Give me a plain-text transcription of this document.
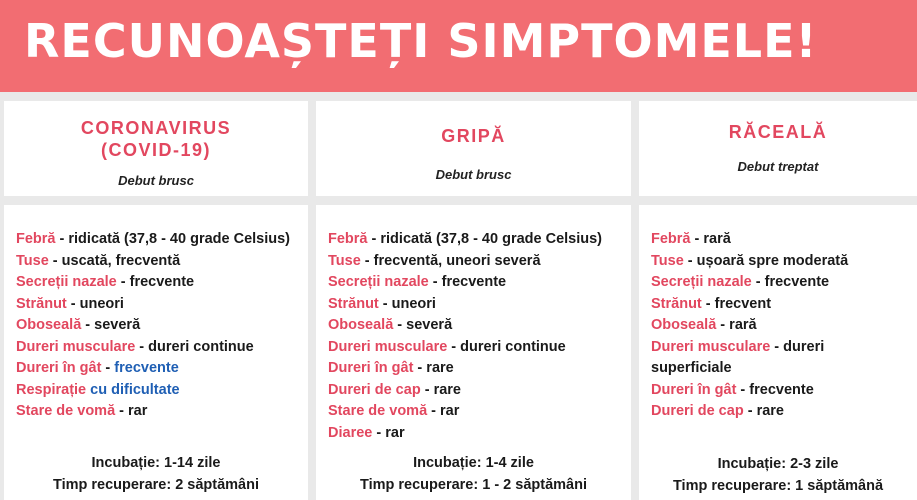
RECUNOAȘTEȚI SIMPTOMELE!
CORONAVIRUS
(COVID-19)
Debut brusc
Febră - ridicată (37,8 - 40 grade Celsius)
Tuse - uscată, frecventă
Secreții nazale - frecvente
Strănut - uneori
Oboseală - severă
Dureri musculare - dureri continue
Dureri în gât - frecvente
Respirație cu dificultate
Stare de vomă - rar
Incubație: 1-14 zile
Timp recuperare: 2 săptămâni
GRIPĂ
Debut brusc
Febră - ridicată (37,8 - 40 grade Celsius)
Tuse - frecventă, uneori severă
Secreții nazale - frecvente
Strănut - uneori
Oboseală - severă
Dureri musculare - dureri continue
Dureri în gât - rare
Dureri de cap - rare
Stare de vomă - rar
Diaree - rar
Incubație: 1-4 zile
Timp recuperare: 1 - 2 săptămâni
RĂCEALĂ
Debut treptat
Febră - rară
Tuse - ușoară spre moderată
Secreții nazale - frecvente
Strănut - frecvent
Oboseală - rară
Dureri musculare - dureri superficiale
Dureri în gât - frecvente
Dureri de cap - rare
Incubație: 2-3 zile
Timp recuperare: 1 săptămână
